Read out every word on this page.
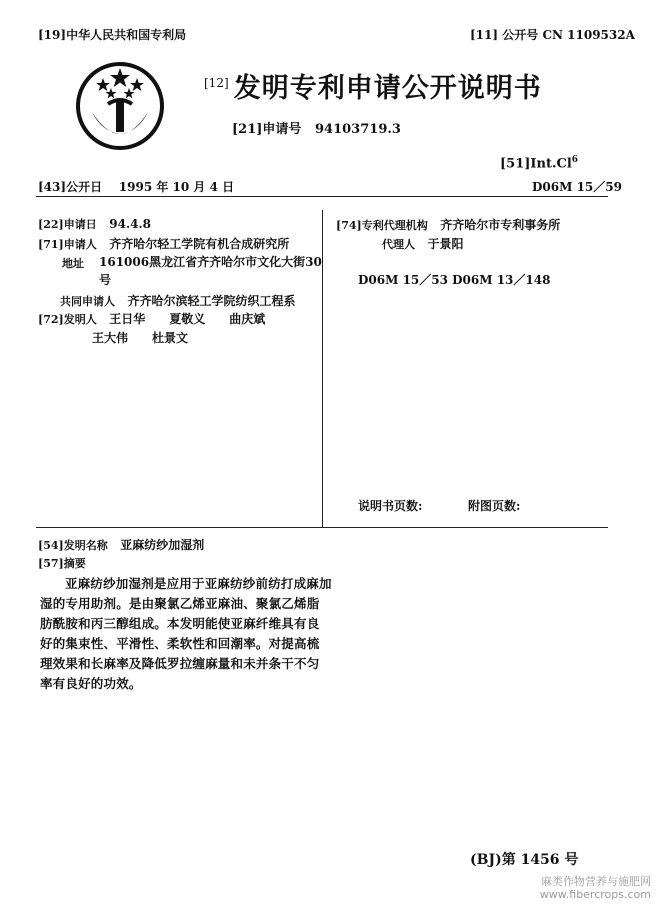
[19]中华人民共和国专利局	[11] 公开号 CN 1109532A
[12] 发明专利申请公开说明书
[21]申请号 94103719.3
[51]Int.Cl$^6$
D06M 15／59
[43]公开日 1995 年 10 月 4 日
[22]申请日 94.4.8
[71]申请人 齐齐哈尔轻工学院有机合成研究所
地址 161006黑龙江省齐齐哈尔市文化大街30
号
共同申请人 齐齐哈尔滨轻工学院纺织工程系
[72]发明人 王日华　　夏敬义　　曲庆斌
王大伟　　杜景文
[74]专利代理机构 齐齐哈尔市专利事务所
代理人 于景阳
D06M 15／53 D06M 13／148
说明书页数:	附图页数:
[54]发明名称 亚麻纺纱加湿剂
[57]摘要
亚麻纺纱加湿剂是应用于亚麻纺纱前纺打成麻加湿的专用助剂。是由聚氯乙烯亚麻油、聚氯乙烯脂肪酰胺和丙三醇组成。本发明能使亚麻纤维具有良好的集束性、平滑性、柔软性和回潮率。对提高梳理效果和长麻率及降低罗拉缠麻量和未并条干不匀率有良好的功效。
(BJ)第 1456 号
麻类作物营养与施肥网
www.fibercrops.com
